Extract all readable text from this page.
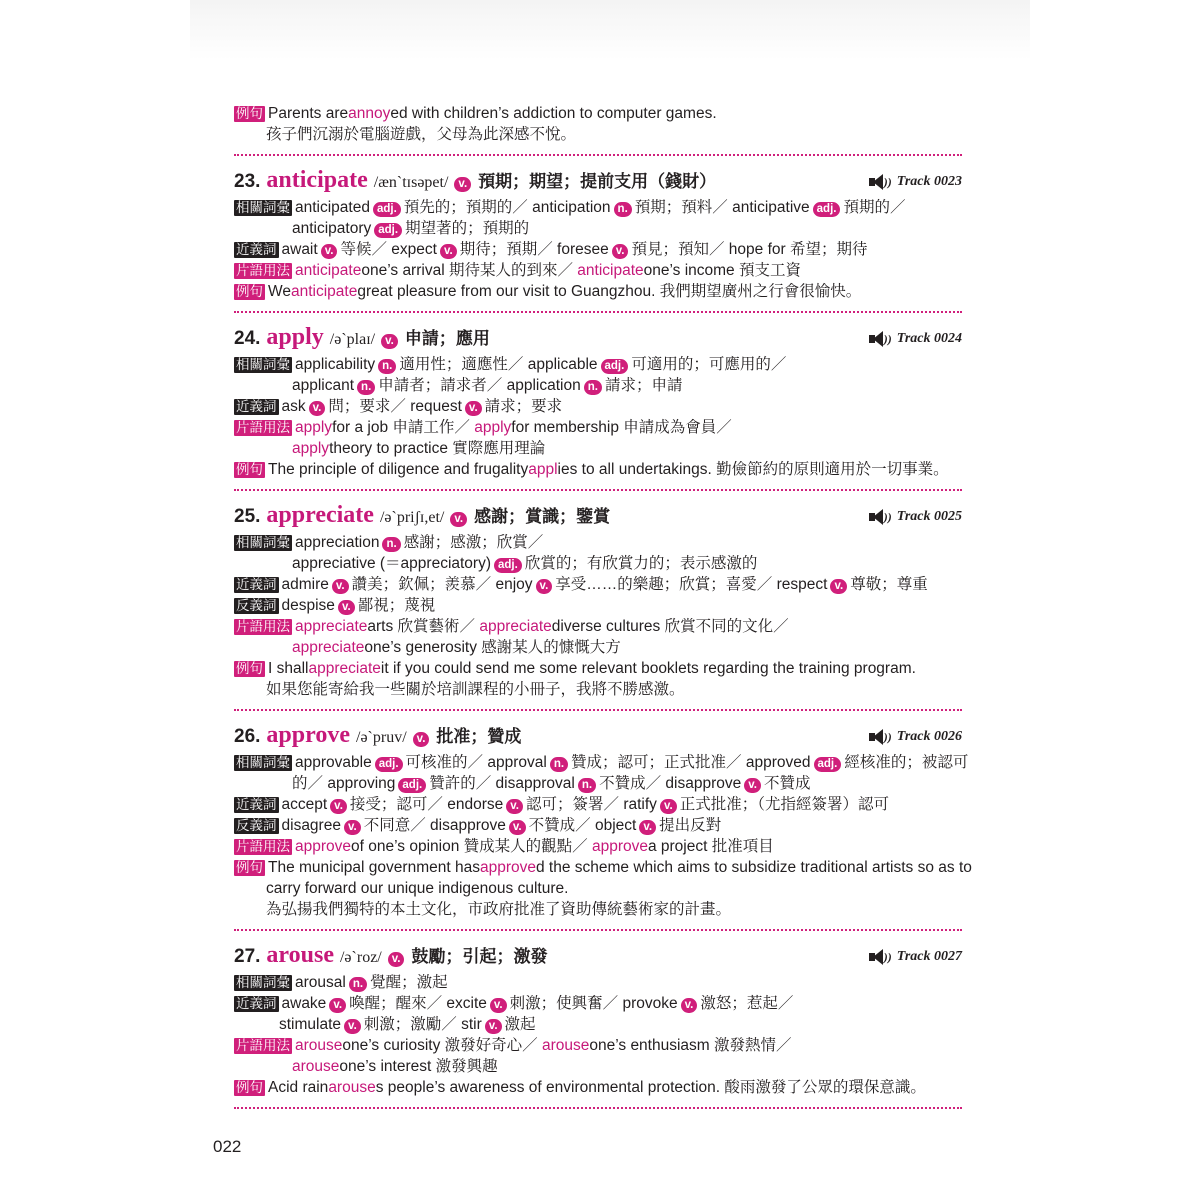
例句 Parents are annoy ed with children’s addiction to computer games.
孩子們沉溺於電腦遊戲，父母為此深感不悅。
23. anticipate /æn`tɪsəpet/ v. 預期；期望；提前支用（錢財）	)) Track 0023
相關詞彙 anticipated adj. 預先的；預期的／
anticipation n. 預期；預料／
anticipative adj. 預期的／
anticipatory adj. 期望著的；預期的
近義詞 await v. 等候／
expect v. 期待；預期／
foresee v. 預見；預知／
hope for 希望；期待
片語用法 anticipate one’s arrival 期待某人的到來／
anticipate one’s income 預支工資
例句 We anticipate great pleasure from our visit to Guangzhou. 我們期望廣州之行會很愉快。
24. apply /ə`plaɪ/ v. 申請；應用	)) Track 0024
相關詞彙 applicability n. 適用性；適應性／
applicable adj. 可適用的；可應用的／
applicant n. 申請者；請求者／
application n. 請求；申請
近義詞 ask v. 問；要求／
request v. 請求；要求
片語用法 apply for a job 申請工作／
apply for membership 申請成為會員／
apply theory to practice 實際應用理論
例句 The principle of diligence and frugality appl ies to all undertakings. 勤儉節約的原則適用於一切事業。
25. appreciate /ə`priʃɪ,et/ v. 感謝；賞識；鑒賞	)) Track 0025
相關詞彙 appreciation n. 感謝；感激；欣賞／
appreciative (＝appreciatory) adj. 欣賞的；有欣賞力的；表示感激的
近義詞 admire v. 讚美；欽佩；羨慕／
enjoy v. 享受……的樂趣；欣賞；喜愛／
respect v. 尊敬；尊重
反義詞 despise v. 鄙視；蔑視
片語用法 appreciate arts 欣賞藝術／
appreciate diverse cultures 欣賞不同的文化／
appreciate one’s generosity 感謝某人的慷慨大方
例句 I shall appreciate it if you could send me some relevant booklets regarding the training program.
如果您能寄給我一些關於培訓課程的小冊子，我將不勝感激。
26. approve /ə`pruv/ v. 批准；贊成	)) Track 0026
相關詞彙 approvable adj. 可核准的／
approval n. 贊成；認可；正式批准／
approved adj. 經核准的；被認可
的／
approving adj. 贊許的／
disapproval n. 不贊成／
disapprove v. 不贊成
近義詞 accept v. 接受；認可／
endorse v. 認可；簽署／
ratify v. 正式批准；（尤指經簽署）認可
反義詞 disagree v. 不同意／
disapprove v. 不贊成／
object v. 提出反對
片語用法 approve of one’s opinion 贊成某人的觀點／
approve a project 批准項目
例句 The municipal government has approve d the scheme which aims to subsidize traditional artists so as to
carry forward our unique indigenous culture.
為弘揚我們獨特的本土文化，市政府批准了資助傳統藝術家的計畫。
27. arouse /ə`roz/ v. 鼓勵；引起；激發	)) Track 0027
相關詞彙 arousal n. 覺醒；激起
近義詞 awake v. 喚醒；醒來／
excite v. 刺激；使興奮／
provoke v. 激怒；惹起／
stimulate v. 刺激；激勵／
stir v. 激起
片語用法 arouse one’s curiosity 激發好奇心／
arouse one’s enthusiasm 激發熱情／
arouse one’s interest 激發興趣
例句 Acid rain arouse s people’s awareness of environmental protection. 酸雨激發了公眾的環保意識。
022
